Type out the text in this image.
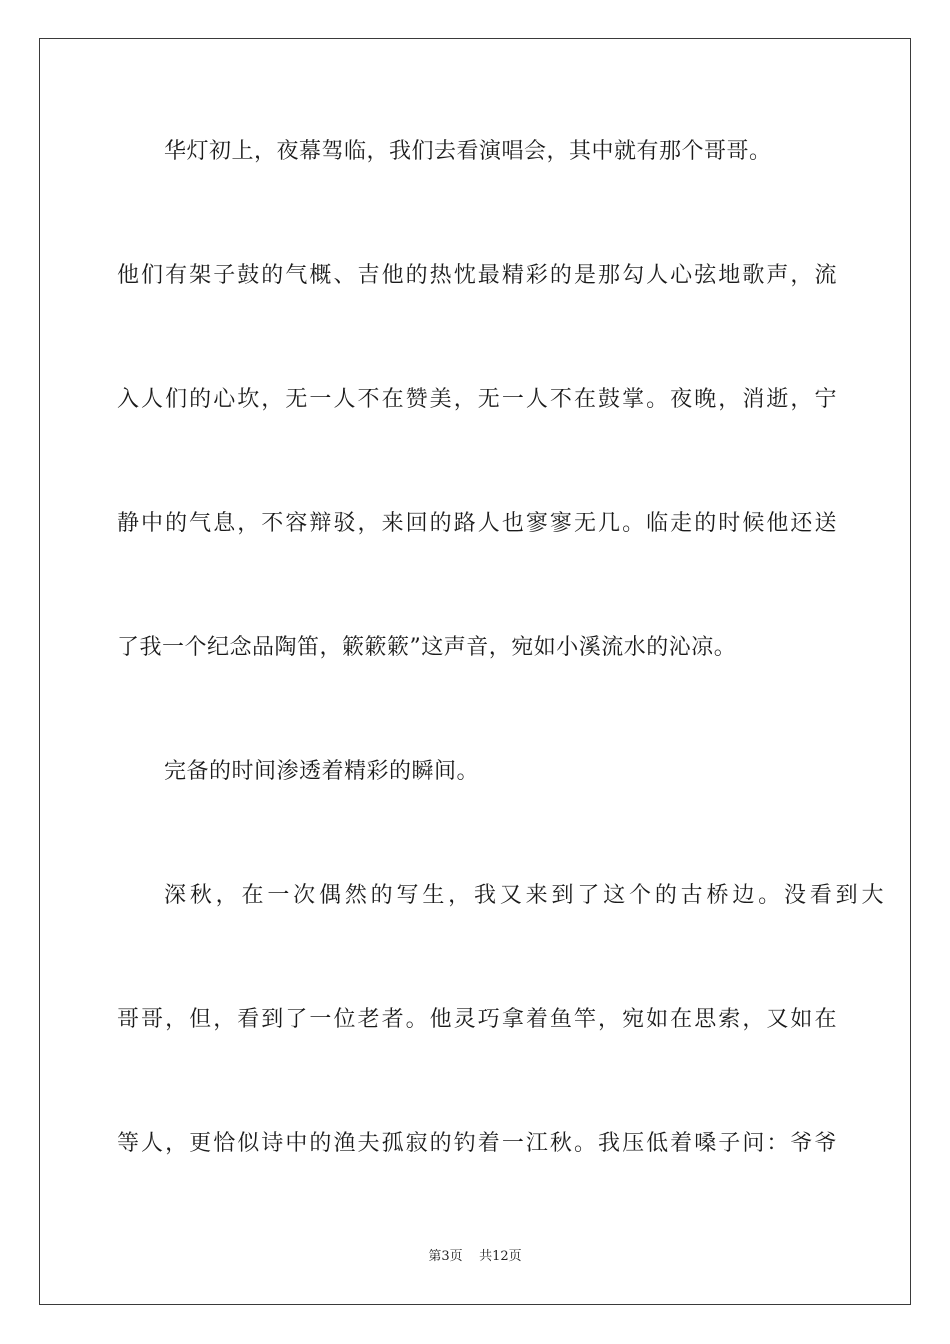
华灯初上，夜幕驾临，我们去看演唱会，其中就有那个哥哥。
他们有架子鼓的气概、吉他的热忱最精彩的是那勾人心弦地歌声，流
入人们的心坎，无一人不在赞美，无一人不在鼓掌。夜晚，消逝，宁
静中的气息，不容辩驳，来回的路人也寥寥无几。临走的时候他还送
了我一个纪念品陶笛，簌簌簌”这声音，宛如小溪流水的沁凉。
完备的时间渗透着精彩的瞬间。
深秋，在一次偶然的写生，我又来到了这个的古桥边。没看到大
哥哥，但，看到了一位老者。他灵巧拿着鱼竿，宛如在思索，又如在
等人，更恰似诗中的渔夫孤寂的钓着一江秋。我压低着嗓子问：爷爷
第3页 共12页
